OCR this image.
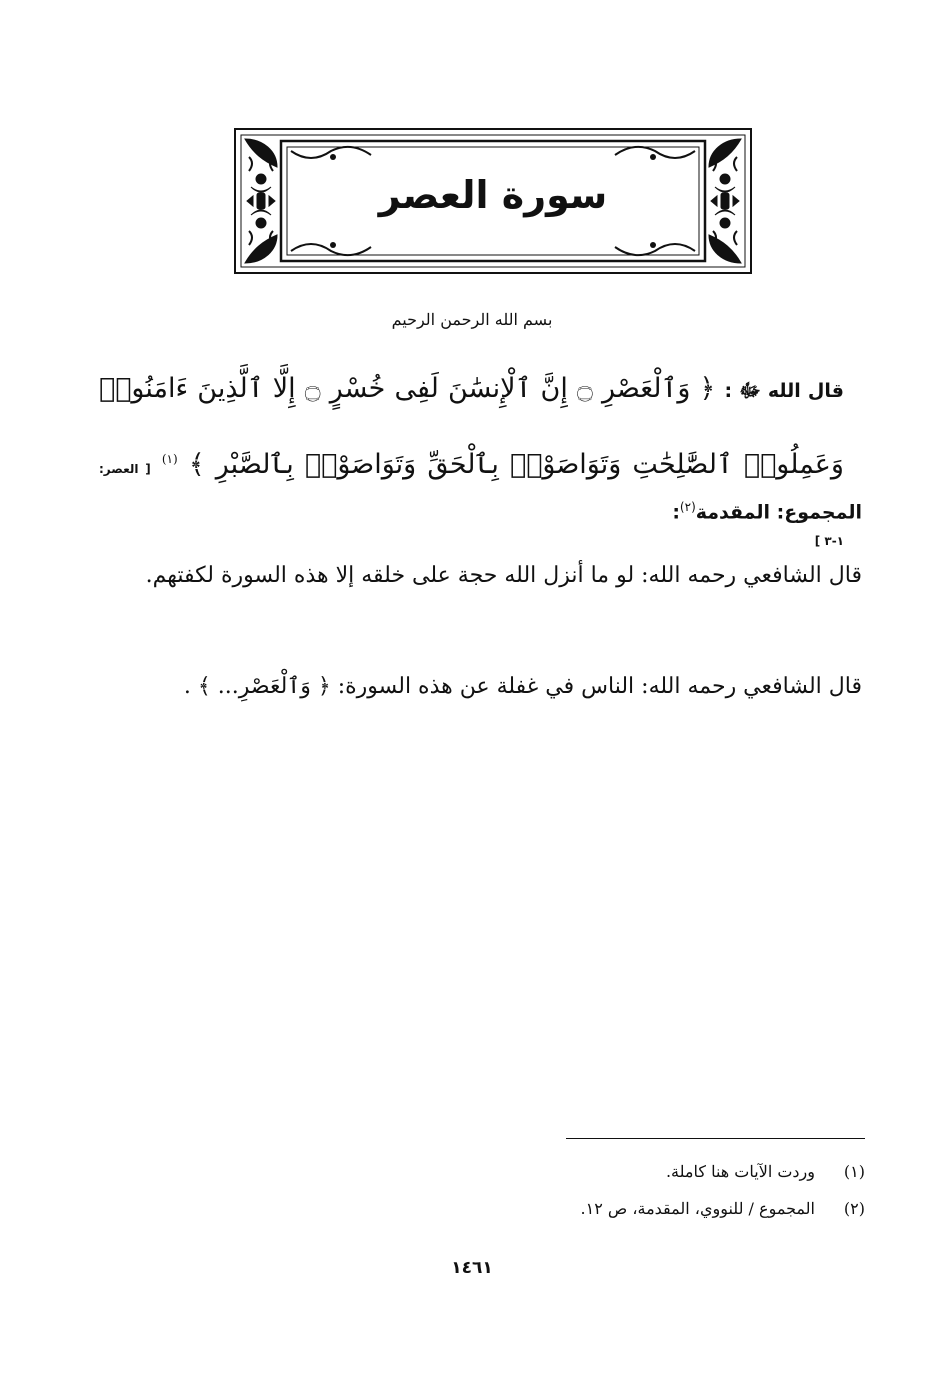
سورة العصر
بسم الله الرحمن الرحيم
قال الله ﷻ : ﴿ وَٱلْعَصْرِ ۝ إِنَّ ٱلْإِنسَٰنَ لَفِى خُسْرٍ ۝ إِلَّا ٱلَّذِينَ ءَامَنُوا۟ وَعَمِلُوا۟ ٱلصَّٰلِحَٰتِ وَتَوَاصَوْا۟ بِٱلْحَقِّ وَتَوَاصَوْا۟ بِٱلصَّبْرِ ﴾ $^{(١)}$ [ العصر: ١-٣ ]
المجموع: المقدمة$^{(٢)}$:

قال الشافعي رحمه الله: لو ما أنزل الله حجة على خلقه إلا هذه السورة لكفتهم.

قال الشافعي رحمه الله: الناس في غفلة عن هذه السورة: ﴿ وَٱلْعَصْرِ... ﴾ .

(١)
وردت الآيات هنا كاملة.
(٢)
المجموع / للنووي، المقدمة، ص ١٢.
١٤٦١
